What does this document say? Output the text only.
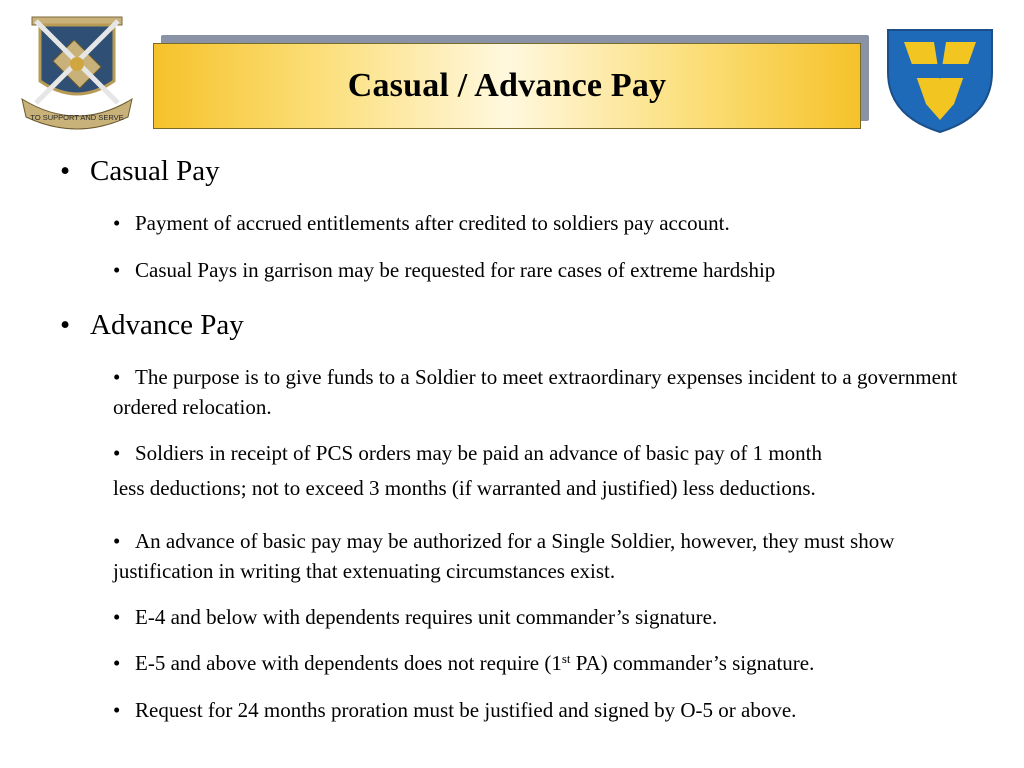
TO SUPPORT AND SERVE
Casual / Advance Pay
• Casual Pay
• Payment of accrued entitlements after credited to soldiers pay account.

• Casual Pays in garrison may be requested for rare cases of extreme hardship

• Advance Pay
• The purpose is to give funds to a Soldier to meet extraordinary expenses incident to a government ordered relocation.

• Soldiers in receipt of PCS orders may be paid an advance of basic pay of 1 month

less deductions; not to exceed 3 months (if warranted and justified) less deductions.

• An advance of basic pay may be authorized for a Single Soldier, however, they must show justification in writing that extenuating circumstances exist.

• E-4 and below with dependents requires unit commander’s signature.

• E-5 and above with dependents does not require (1st PA) commander’s signature.

• Request for 24 months proration must be justified and signed by O-5 or above.
